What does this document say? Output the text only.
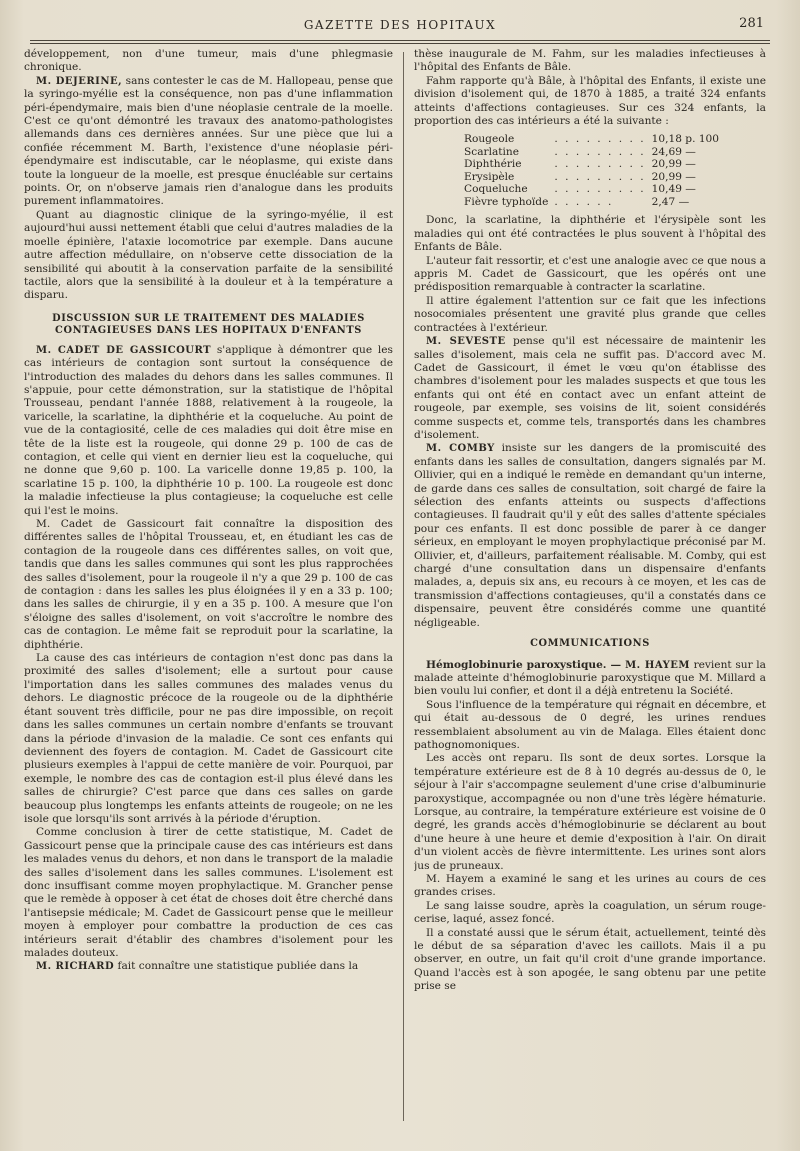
GAZETTE DES HOPITAUX	281

développement, non d'une tumeur, mais d'une phlegmasie chronique.

M. DEJERINE, sans contester le cas de M. Hallopeau, pense que la syringo-myélie est la conséquence, non pas d'une inflammation péri-épendymaire, mais bien d'une néoplasie centrale de la moelle. C'est ce qu'ont démontré les travaux des anatomo-pathologistes allemands dans ces dernières années. Sur une pièce que lui a confiée récemment M. Barth, l'existence d'une néoplasie péri-épendymaire est indiscutable, car le néoplasme, qui existe dans toute la longueur de la moelle, est presque énucléable sur certains points. Or, on n'observe jamais rien d'analogue dans les produits purement inflammatoires.

Quant au diagnostic clinique de la syringo-myélie, il est aujourd'hui aussi nettement établi que celui d'autres maladies de la moelle épinière, l'ataxie locomotrice par exemple. Dans aucune autre affection médullaire, on n'observe cette dissociation de la sensibilité qui aboutit à la conservation parfaite de la sensibilité tactile, alors que la sensibilité à la douleur et à la température a disparu.

DISCUSSION SUR LE TRAITEMENT DES MALADIES CONTAGIEUSES DANS LES HOPITAUX D'ENFANTS

M. CADET DE GASSICOURT s'applique à démontrer que les cas intérieurs de contagion sont surtout la conséquence de l'introduction des malades du dehors dans les salles communes. Il s'appuie, pour cette démonstration, sur la statistique de l'hôpital Trousseau, pendant l'année 1888, relativement à la rougeole, la varicelle, la scarlatine, la diphthérie et la coqueluche. Au point de vue de la contagiosité, celle de ces maladies qui doit être mise en tête de la liste est la rougeole, qui donne 29 p. 100 de cas de contagion, et celle qui vient en dernier lieu est la coqueluche, qui ne donne que 9,60 p. 100. La varicelle donne 19,85 p. 100, la scarlatine 15 p. 100, la diphthérie 10 p. 100. La rougeole est donc la maladie infectieuse la plus contagieuse; la coqueluche est celle qui l'est le moins.

M. Cadet de Gassicourt fait connaître la disposition des différentes salles de l'hôpital Trousseau, et, en étudiant les cas de contagion de la rougeole dans ces différentes salles, on voit que, tandis que dans les salles communes qui sont les plus rapprochées des salles d'isolement, pour la rougeole il n'y a que 29 p. 100 de cas de contagion : dans les salles les plus éloignées il y en a 33 p. 100; dans les salles de chirurgie, il y en a 35 p. 100. A mesure que l'on s'éloigne des salles d'isolement, on voit s'accroître le nombre des cas de contagion. Le même fait se reproduit pour la scarlatine, la diphthérie.

La cause des cas intérieurs de contagion n'est donc pas dans la proximité des salles d'isolement; elle a surtout pour cause l'importation dans les salles communes des malades venus du dehors. Le diagnostic précoce de la rougeole ou de la diphthérie étant souvent très difficile, pour ne pas dire impossible, on reçoit dans les salles communes un certain nombre d'enfants se trouvant dans la période d'invasion de la maladie. Ce sont ces enfants qui deviennent des foyers de contagion. M. Cadet de Gassicourt cite plusieurs exemples à l'appui de cette manière de voir. Pourquoi, par exemple, le nombre des cas de contagion est-il plus élevé dans les salles de chirurgie? C'est parce que dans ces salles on garde beaucoup plus longtemps les enfants atteints de rougeole; on ne les isole que lorsqu'ils sont arrivés à la période d'éruption.

Comme conclusion à tirer de cette statistique, M. Cadet de Gassicourt pense que la principale cause des cas intérieurs est dans les malades venus du dehors, et non dans le transport de la maladie des salles d'isolement dans les salles communes. L'isolement est donc insuffisant comme moyen prophylactique. M. Grancher pense que le remède à opposer à cet état de choses doit être cherché dans l'antisepsie médicale; M. Cadet de Gassicourt pense que le meilleur moyen à employer pour combattre la production de ces cas intérieurs serait d'établir des chambres d'isolement pour les malades douteux.

M. RICHARD fait connaître une statistique publiée dans la

thèse inaugurale de M. Fahm, sur les maladies infectieuses à l'hôpital des Enfants de Bâle.

Fahm rapporte qu'à Bâle, à l'hôpital des Enfants, il existe une division d'isolement qui, de 1870 à 1885, a traité 324 enfants atteints d'affections contagieuses. Sur ces 324 enfants, la proportion des cas intérieurs a été la suivante :

Rougeole	. . . . . . . . .	10,18 p. 100
Scarlatine	. . . . . . . . .	24,69 —
Diphthérie	. . . . . . . . .	20,99 —
Erysipèle	. . . . . . . . .	20,99 —
Coqueluche	. . . . . . . . .	10,49 —
Fièvre typhoïde	. . . . . .	2,47 —

Donc, la scarlatine, la diphthérie et l'érysipèle sont les maladies qui ont été contractées le plus souvent à l'hôpital des Enfants de Bâle.

L'auteur fait ressortir, et c'est une analogie avec ce que nous a appris M. Cadet de Gassicourt, que les opérés ont une prédisposition remarquable à contracter la scarlatine.

Il attire également l'attention sur ce fait que les infections nosocomiales présentent une gravité plus grande que celles contractées à l'extérieur.

M. SEVESTE pense qu'il est nécessaire de maintenir les salles d'isolement, mais cela ne suffit pas. D'accord avec M. Cadet de Gassicourt, il émet le vœu qu'on établisse des chambres d'isolement pour les malades suspects et que tous les enfants qui ont été en contact avec un enfant atteint de rougeole, par exemple, ses voisins de lit, soient considérés comme suspects et, comme tels, transportés dans les chambres d'isolement.

M. COMBY insiste sur les dangers de la promiscuité des enfants dans les salles de consultation, dangers signalés par M. Ollivier, qui en a indiqué le remède en demandant qu'un interne, de garde dans ces salles de consultation, soit chargé de faire la sélection des enfants atteints ou suspects d'affections contagieuses. Il faudrait qu'il y eût des salles d'attente spéciales pour ces enfants. Il est donc possible de parer à ce danger sérieux, en employant le moyen prophylactique préconisé par M. Ollivier, et, d'ailleurs, parfaitement réalisable. M. Comby, qui est chargé d'une consultation dans un dispensaire d'enfants malades, a, depuis six ans, eu recours à ce moyen, et les cas de transmission d'affections contagieuses, qu'il a constatés dans ce dispensaire, peuvent être considérés comme une quantité négligeable.

COMMUNICATIONS

Hémoglobinurie paroxystique. — M. HAYEM revient sur la malade atteinte d'hémoglobinurie paroxystique que M. Millard a bien voulu lui confier, et dont il a déjà entretenu la Société.

Sous l'influence de la température qui régnait en décembre, et qui était au-dessous de 0 degré, les urines rendues ressemblaient absolument au vin de Malaga. Elles étaient donc pathognomoniques.

Les accès ont reparu. Ils sont de deux sortes. Lorsque la température extérieure est de 8 à 10 degrés au-dessus de 0, le séjour à l'air s'accompagne seulement d'une crise d'albuminurie paroxystique, accompagnée ou non d'une très légère hématurie. Lorsque, au contraire, la température extérieure est voisine de 0 degré, les grands accès d'hémoglobinurie se déclarent au bout d'une heure à une heure et demie d'exposition à l'air. On dirait d'un violent accès de fièvre intermittente. Les urines sont alors jus de pruneaux.

M. Hayem a examiné le sang et les urines au cours de ces grandes crises.

Le sang laisse soudre, après la coagulation, un sérum rouge-cerise, laqué, assez foncé.

Il a constaté aussi que le sérum était, actuellement, teinté dès le début de sa séparation d'avec les caillots. Mais il a pu observer, en outre, un fait qu'il croit d'une grande importance. Quand l'accès est à son apogée, le sang obtenu par une petite prise se
